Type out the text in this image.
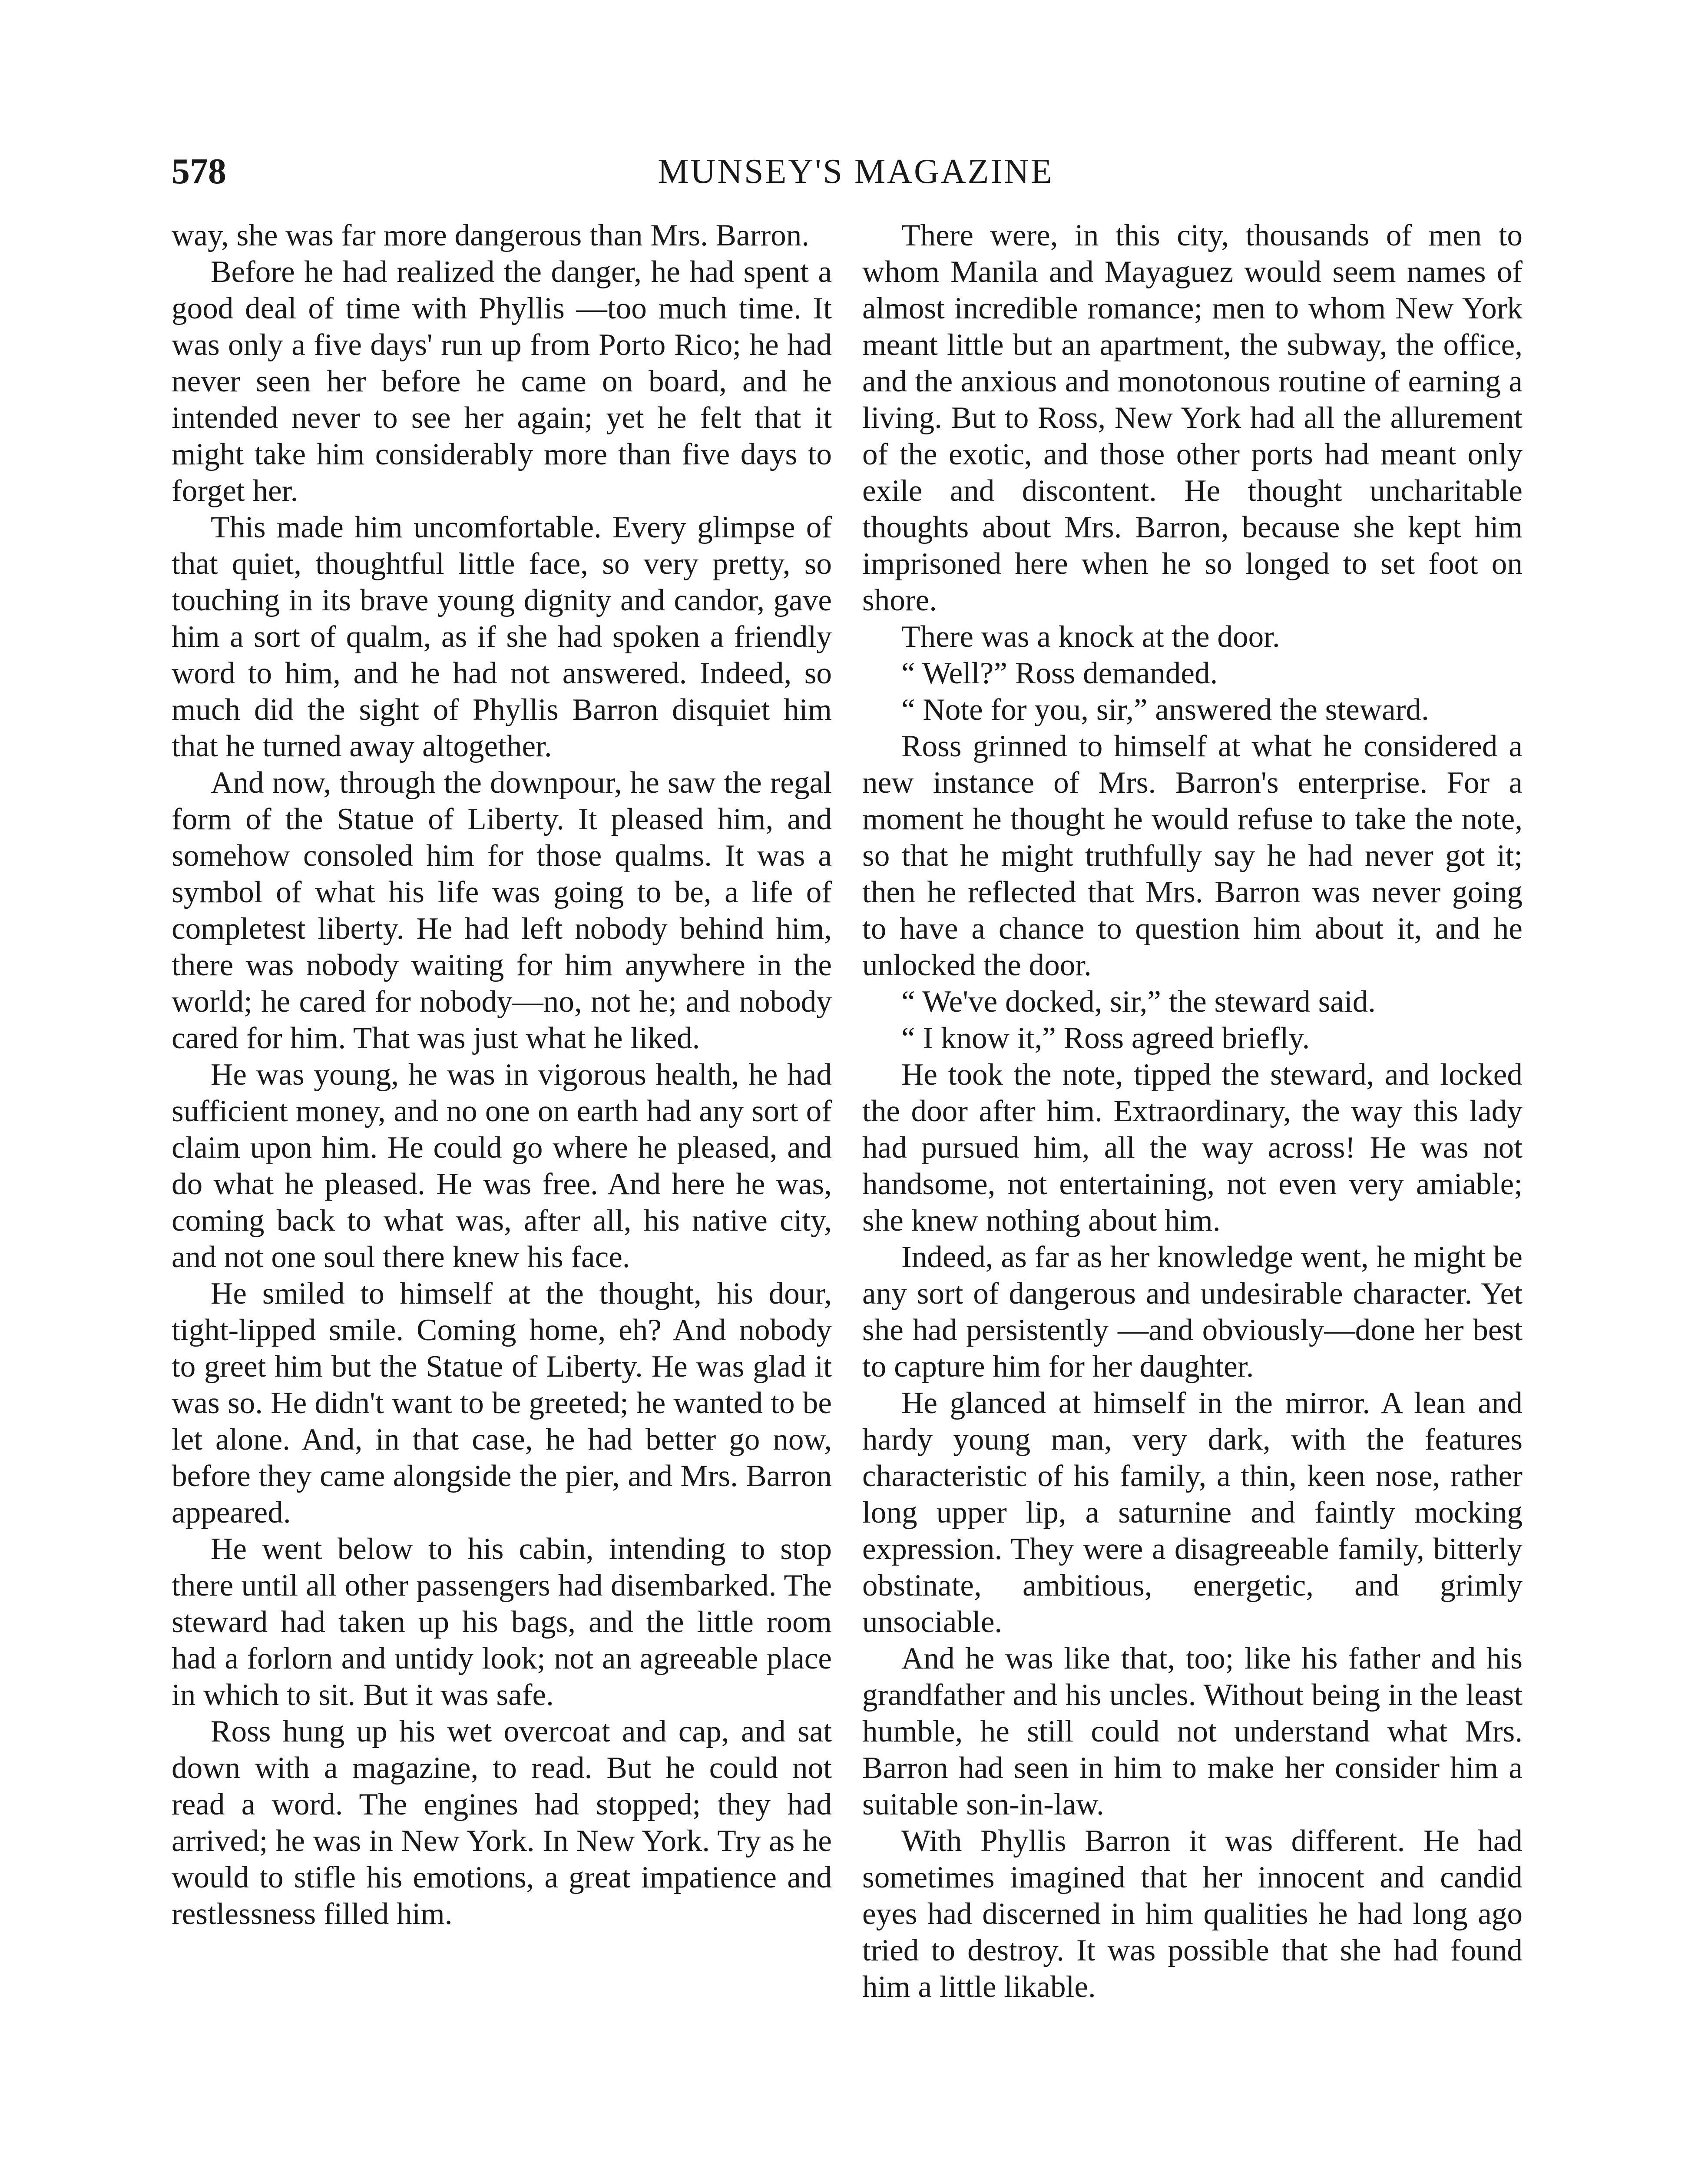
578	MUNSEY'S MAGAZINE

way, she was far more dangerous than Mrs. Barron.

Before he had realized the danger, he had spent a good deal of time with Phyllis —too much time. It was only a five days' run up from Porto Rico; he had never seen her before he came on board, and he intended never to see her again; yet he felt that it might take him considerably more than five days to forget her.

This made him uncomfortable. Every glimpse of that quiet, thoughtful little face, so very pretty, so touching in its brave young dignity and candor, gave him a sort of qualm, as if she had spoken a friendly word to him, and he had not answered. Indeed, so much did the sight of Phyllis Barron disquiet him that he turned away altogether.

And now, through the downpour, he saw the regal form of the Statue of Liberty. It pleased him, and somehow consoled him for those qualms. It was a symbol of what his life was going to be, a life of completest liberty. He had left nobody behind him, there was nobody waiting for him anywhere in the world; he cared for nobody—no, not he; and nobody cared for him. That was just what he liked.

He was young, he was in vigorous health, he had sufficient money, and no one on earth had any sort of claim upon him. He could go where he pleased, and do what he pleased. He was free. And here he was, coming back to what was, after all, his native city, and not one soul there knew his face.

He smiled to himself at the thought, his dour, tight-lipped smile. Coming home, eh? And nobody to greet him but the Statue of Liberty. He was glad it was so. He didn't want to be greeted; he wanted to be let alone. And, in that case, he had better go now, before they came alongside the pier, and Mrs. Barron appeared.

He went below to his cabin, intending to stop there until all other passengers had disembarked. The steward had taken up his bags, and the little room had a forlorn and untidy look; not an agreeable place in which to sit. But it was safe.

Ross hung up his wet overcoat and cap, and sat down with a magazine, to read. But he could not read a word. The engines had stopped; they had arrived; he was in New York. In New York. Try as he would to stifle his emotions, a great impatience and restlessness filled him.

There were, in this city, thousands of men to whom Manila and Mayaguez would seem names of almost incredible romance; men to whom New York meant little but an apartment, the subway, the office, and the anxious and monotonous routine of earning a living. But to Ross, New York had all the allurement of the exotic, and those other ports had meant only exile and discontent. He thought uncharitable thoughts about Mrs. Barron, because she kept him imprisoned here when he so longed to set foot on shore.

There was a knock at the door.

“ Well?” Ross demanded.

“ Note for you, sir,” answered the steward.

Ross grinned to himself at what he considered a new instance of Mrs. Barron's enterprise. For a moment he thought he would refuse to take the note, so that he might truthfully say he had never got it; then he reflected that Mrs. Barron was never going to have a chance to question him about it, and he unlocked the door.

“ We've docked, sir,” the steward said.

“ I know it,” Ross agreed briefly.

He took the note, tipped the steward, and locked the door after him. Extraordinary, the way this lady had pursued him, all the way across! He was not handsome, not entertaining, not even very amiable; she knew nothing about him.

Indeed, as far as her knowledge went, he might be any sort of dangerous and undesirable character. Yet she had persistently —and obviously—done her best to capture him for her daughter.

He glanced at himself in the mirror. A lean and hardy young man, very dark, with the features characteristic of his family, a thin, keen nose, rather long upper lip, a saturnine and faintly mocking expression. They were a disagreeable family, bitterly obstinate, ambitious, energetic, and grimly unsociable.

And he was like that, too; like his father and his grandfather and his uncles. Without being in the least humble, he still could not understand what Mrs. Barron had seen in him to make her consider him a suitable son-in-law.

With Phyllis Barron it was different. He had sometimes imagined that her innocent and candid eyes had discerned in him qualities he had long ago tried to destroy. It was possible that she had found him a little likable.
